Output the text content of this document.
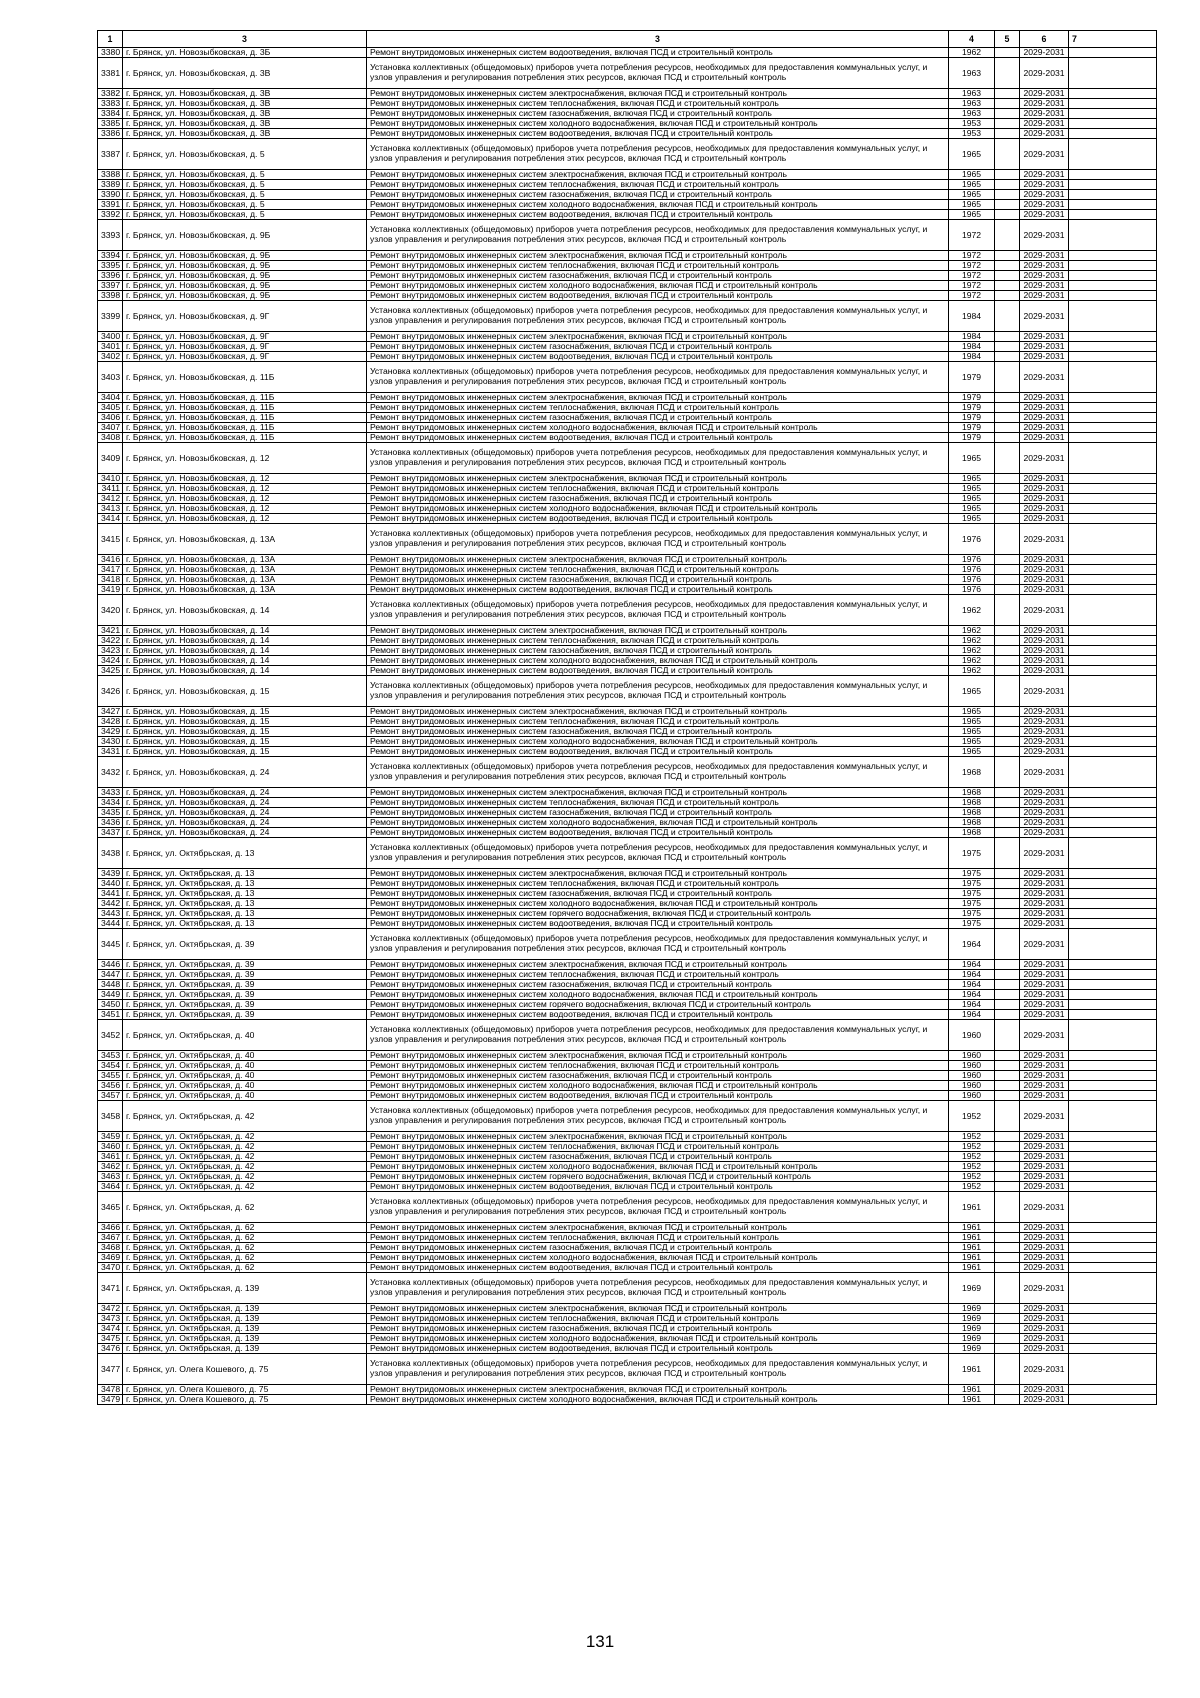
1	3	3	4	5	6	7
3380	г. Брянск, ул. Новозыбковская, д. 3Б	Ремонт внутридомовых инженерных систем водоотведения, включая ПСД и строительный контроль	1962		2029-2031	
3381	г. Брянск, ул. Новозыбковская, д. 3В	Установка коллективных (общедомовых) приборов учета потребления ресурсов, необходимых для предоставления коммунальных услуг, и узлов управления и регулирования потребления этих ресурсов, включая ПСД и строительный контроль	1963		2029-2031	
3382	г. Брянск, ул. Новозыбковская, д. 3В	Ремонт внутридомовых инженерных систем электроснабжения, включая ПСД и строительный контроль	1963		2029-2031	
3383	г. Брянск, ул. Новозыбковская, д. 3В	Ремонт внутридомовых инженерных систем теплоснабжения, включая ПСД и строительный контроль	1963		2029-2031	
3384	г. Брянск, ул. Новозыбковская, д. 3В	Ремонт внутридомовых инженерных систем газоснабжения, включая ПСД и строительный контроль	1963		2029-2031	
3385	г. Брянск, ул. Новозыбковская, д. 3В	Ремонт внутридомовых инженерных систем холодного водоснабжения, включая ПСД и строительный контроль	1953		2029-2031	
3386	г. Брянск, ул. Новозыбковская, д. 3В	Ремонт внутридомовых инженерных систем водоотведения, включая ПСД и строительный контроль	1953		2029-2031	
3387	г. Брянск, ул. Новозыбковская, д. 5	Установка коллективных (общедомовых) приборов учета потребления ресурсов, необходимых для предоставления коммунальных услуг, и узлов управления и регулирования потребления этих ресурсов, включая ПСД и строительный контроль	1965		2029-2031	
3388	г. Брянск, ул. Новозыбковская, д. 5	Ремонт внутридомовых инженерных систем электроснабжения, включая ПСД и строительный контроль	1965		2029-2031	
3389	г. Брянск, ул. Новозыбковская, д. 5	Ремонт внутридомовых инженерных систем теплоснабжения, включая ПСД и строительный контроль	1965		2029-2031	
3390	г. Брянск, ул. Новозыбковская, д. 5	Ремонт внутридомовых инженерных систем газоснабжения, включая ПСД и строительный контроль	1965		2029-2031	
3391	г. Брянск, ул. Новозыбковская, д. 5	Ремонт внутридомовых инженерных систем холодного водоснабжения, включая ПСД и строительный контроль	1965		2029-2031	
3392	г. Брянск, ул. Новозыбковская, д. 5	Ремонт внутридомовых инженерных систем водоотведения, включая ПСД и строительный контроль	1965		2029-2031	
3393	г. Брянск, ул. Новозыбковская, д. 9Б	Установка коллективных (общедомовых) приборов учета потребления ресурсов, необходимых для предоставления коммунальных услуг, и узлов управления и регулирования потребления этих ресурсов, включая ПСД и строительный контроль	1972		2029-2031	
3394	г. Брянск, ул. Новозыбковская, д. 9Б	Ремонт внутридомовых инженерных систем электроснабжения, включая ПСД и строительный контроль	1972		2029-2031	
3395	г. Брянск, ул. Новозыбковская, д. 9Б	Ремонт внутридомовых инженерных систем теплоснабжения, включая ПСД и строительный контроль	1972		2029-2031	
3396	г. Брянск, ул. Новозыбковская, д. 9Б	Ремонт внутридомовых инженерных систем газоснабжения, включая ПСД и строительный контроль	1972		2029-2031	
3397	г. Брянск, ул. Новозыбковская, д. 9Б	Ремонт внутридомовых инженерных систем холодного водоснабжения, включая ПСД и строительный контроль	1972		2029-2031	
3398	г. Брянск, ул. Новозыбковская, д. 9Б	Ремонт внутридомовых инженерных систем водоотведения, включая ПСД и строительный контроль	1972		2029-2031	
3399	г. Брянск, ул. Новозыбковская, д. 9Г	Установка коллективных (общедомовых) приборов учета потребления ресурсов, необходимых для предоставления коммунальных услуг, и узлов управления и регулирования потребления этих ресурсов, включая ПСД и строительный контроль	1984		2029-2031	
3400	г. Брянск, ул. Новозыбковская, д. 9Г	Ремонт внутридомовых инженерных систем электроснабжения, включая ПСД и строительный контроль	1984		2029-2031	
3401	г. Брянск, ул. Новозыбковская, д. 9Г	Ремонт внутридомовых инженерных систем газоснабжения, включая ПСД и строительный контроль	1984		2029-2031	
3402	г. Брянск, ул. Новозыбковская, д. 9Г	Ремонт внутридомовых инженерных систем водоотведения, включая ПСД и строительный контроль	1984		2029-2031	
3403	г. Брянск, ул. Новозыбковская, д. 11Б	Установка коллективных (общедомовых) приборов учета потребления ресурсов, необходимых для предоставления коммунальных услуг, и узлов управления и регулирования потребления этих ресурсов, включая ПСД и строительный контроль	1979		2029-2031	
3404	г. Брянск, ул. Новозыбковская, д. 11Б	Ремонт внутридомовых инженерных систем электроснабжения, включая ПСД и строительный контроль	1979		2029-2031	
3405	г. Брянск, ул. Новозыбковская, д. 11Б	Ремонт внутридомовых инженерных систем теплоснабжения, включая ПСД и строительный контроль	1979		2029-2031	
3406	г. Брянск, ул. Новозыбковская, д. 11Б	Ремонт внутридомовых инженерных систем газоснабжения, включая ПСД и строительный контроль	1979		2029-2031	
3407	г. Брянск, ул. Новозыбковская, д. 11Б	Ремонт внутридомовых инженерных систем холодного водоснабжения, включая ПСД и строительный контроль	1979		2029-2031	
3408	г. Брянск, ул. Новозыбковская, д. 11Б	Ремонт внутридомовых инженерных систем водоотведения, включая ПСД и строительный контроль	1979		2029-2031	
3409	г. Брянск, ул. Новозыбковская, д. 12	Установка коллективных (общедомовых) приборов учета потребления ресурсов, необходимых для предоставления коммунальных услуг, и узлов управления и регулирования потребления этих ресурсов, включая ПСД и строительный контроль	1965		2029-2031	
3410	г. Брянск, ул. Новозыбковская, д. 12	Ремонт внутридомовых инженерных систем электроснабжения, включая ПСД и строительный контроль	1965		2029-2031	
3411	г. Брянск, ул. Новозыбковская, д. 12	Ремонт внутридомовых инженерных систем теплоснабжения, включая ПСД и строительный контроль	1965		2029-2031	
3412	г. Брянск, ул. Новозыбковская, д. 12	Ремонт внутридомовых инженерных систем газоснабжения, включая ПСД и строительный контроль	1965		2029-2031	
3413	г. Брянск, ул. Новозыбковская, д. 12	Ремонт внутридомовых инженерных систем холодного водоснабжения, включая ПСД и строительный контроль	1965		2029-2031	
3414	г. Брянск, ул. Новозыбковская, д. 12	Ремонт внутридомовых инженерных систем водоотведения, включая ПСД и строительный контроль	1965		2029-2031	
3415	г. Брянск, ул. Новозыбковская, д. 13А	Установка коллективных (общедомовых) приборов учета потребления ресурсов, необходимых для предоставления коммунальных услуг, и узлов управления и регулирования потребления этих ресурсов, включая ПСД и строительный контроль	1976		2029-2031	
3416	г. Брянск, ул. Новозыбковская, д. 13А	Ремонт внутридомовых инженерных систем электроснабжения, включая ПСД и строительный контроль	1976		2029-2031	
3417	г. Брянск, ул. Новозыбковская, д. 13А	Ремонт внутридомовых инженерных систем теплоснабжения, включая ПСД и строительный контроль	1976		2029-2031	
3418	г. Брянск, ул. Новозыбковская, д. 13А	Ремонт внутридомовых инженерных систем газоснабжения, включая ПСД и строительный контроль	1976		2029-2031	
3419	г. Брянск, ул. Новозыбковская, д. 13А	Ремонт внутридомовых инженерных систем водоотведения, включая ПСД и строительный контроль	1976		2029-2031	
3420	г. Брянск, ул. Новозыбковская, д. 14	Установка коллективных (общедомовых) приборов учета потребления ресурсов, необходимых для предоставления коммунальных услуг, и узлов управления и регулирования потребления этих ресурсов, включая ПСД и строительный контроль	1962		2029-2031	
3421	г. Брянск, ул. Новозыбковская, д. 14	Ремонт внутридомовых инженерных систем электроснабжения, включая ПСД и строительный контроль	1962		2029-2031	
3422	г. Брянск, ул. Новозыбковская, д. 14	Ремонт внутридомовых инженерных систем теплоснабжения, включая ПСД и строительный контроль	1962		2029-2031	
3423	г. Брянск, ул. Новозыбковская, д. 14	Ремонт внутридомовых инженерных систем газоснабжения, включая ПСД и строительный контроль	1962		2029-2031	
3424	г. Брянск, ул. Новозыбковская, д. 14	Ремонт внутридомовых инженерных систем холодного водоснабжения, включая ПСД и строительный контроль	1962		2029-2031	
3425	г. Брянск, ул. Новозыбковская, д. 14	Ремонт внутридомовых инженерных систем водоотведения, включая ПСД и строительный контроль	1962		2029-2031	
3426	г. Брянск, ул. Новозыбковская, д. 15	Установка коллективных (общедомовых) приборов учета потребления ресурсов, необходимых для предоставления коммунальных услуг, и узлов управления и регулирования потребления этих ресурсов, включая ПСД и строительный контроль	1965		2029-2031	
3427	г. Брянск, ул. Новозыбковская, д. 15	Ремонт внутридомовых инженерных систем электроснабжения, включая ПСД и строительный контроль	1965		2029-2031	
3428	г. Брянск, ул. Новозыбковская, д. 15	Ремонт внутридомовых инженерных систем теплоснабжения, включая ПСД и строительный контроль	1965		2029-2031	
3429	г. Брянск, ул. Новозыбковская, д. 15	Ремонт внутридомовых инженерных систем газоснабжения, включая ПСД и строительный контроль	1965		2029-2031	
3430	г. Брянск, ул. Новозыбковская, д. 15	Ремонт внутридомовых инженерных систем холодного водоснабжения, включая ПСД и строительный контроль	1965		2029-2031	
3431	г. Брянск, ул. Новозыбковская, д. 15	Ремонт внутридомовых инженерных систем водоотведения, включая ПСД и строительный контроль	1965		2029-2031	
3432	г. Брянск, ул. Новозыбковская, д. 24	Установка коллективных (общедомовых) приборов учета потребления ресурсов, необходимых для предоставления коммунальных услуг, и узлов управления и регулирования потребления этих ресурсов, включая ПСД и строительный контроль	1968		2029-2031	
3433	г. Брянск, ул. Новозыбковская, д. 24	Ремонт внутридомовых инженерных систем электроснабжения, включая ПСД и строительный контроль	1968		2029-2031	
3434	г. Брянск, ул. Новозыбковская, д. 24	Ремонт внутридомовых инженерных систем теплоснабжения, включая ПСД и строительный контроль	1968		2029-2031	
3435	г. Брянск, ул. Новозыбковская, д. 24	Ремонт внутридомовых инженерных систем газоснабжения, включая ПСД и строительный контроль	1968		2029-2031	
3436	г. Брянск, ул. Новозыбковская, д. 24	Ремонт внутридомовых инженерных систем холодного водоснабжения, включая ПСД и строительный контроль	1968		2029-2031	
3437	г. Брянск, ул. Новозыбковская, д. 24	Ремонт внутридомовых инженерных систем водоотведения, включая ПСД и строительный контроль	1968		2029-2031	
3438	г. Брянск, ул. Октябрьская, д. 13	Установка коллективных (общедомовых) приборов учета потребления ресурсов, необходимых для предоставления коммунальных услуг, и узлов управления и регулирования потребления этих ресурсов, включая ПСД и строительный контроль	1975		2029-2031	
3439	г. Брянск, ул. Октябрьская, д. 13	Ремонт внутридомовых инженерных систем электроснабжения, включая ПСД и строительный контроль	1975		2029-2031	
3440	г. Брянск, ул. Октябрьская, д. 13	Ремонт внутридомовых инженерных систем теплоснабжения, включая ПСД и строительный контроль	1975		2029-2031	
3441	г. Брянск, ул. Октябрьская, д. 13	Ремонт внутридомовых инженерных систем газоснабжения, включая ПСД и строительный контроль	1975		2029-2031	
3442	г. Брянск, ул. Октябрьская, д. 13	Ремонт внутридомовых инженерных систем холодного водоснабжения, включая ПСД и строительный контроль	1975		2029-2031	
3443	г. Брянск, ул. Октябрьская, д. 13	Ремонт внутридомовых инженерных систем горячего водоснабжения, включая ПСД и строительный контроль	1975		2029-2031	
3444	г. Брянск, ул. Октябрьская, д. 13	Ремонт внутридомовых инженерных систем водоотведения, включая ПСД и строительный контроль	1975		2029-2031	
3445	г. Брянск, ул. Октябрьская, д. 39	Установка коллективных (общедомовых) приборов учета потребления ресурсов, необходимых для предоставления коммунальных услуг, и узлов управления и регулирования потребления этих ресурсов, включая ПСД и строительный контроль	1964		2029-2031	
3446	г. Брянск, ул. Октябрьская, д. 39	Ремонт внутридомовых инженерных систем электроснабжения, включая ПСД и строительный контроль	1964		2029-2031	
3447	г. Брянск, ул. Октябрьская, д. 39	Ремонт внутридомовых инженерных систем теплоснабжения, включая ПСД и строительный контроль	1964		2029-2031	
3448	г. Брянск, ул. Октябрьская, д. 39	Ремонт внутридомовых инженерных систем газоснабжения, включая ПСД и строительный контроль	1964		2029-2031	
3449	г. Брянск, ул. Октябрьская, д. 39	Ремонт внутридомовых инженерных систем холодного водоснабжения, включая ПСД и строительный контроль	1964		2029-2031	
3450	г. Брянск, ул. Октябрьская, д. 39	Ремонт внутридомовых инженерных систем горячего водоснабжения, включая ПСД и строительный контроль	1964		2029-2031	
3451	г. Брянск, ул. Октябрьская, д. 39	Ремонт внутридомовых инженерных систем водоотведения, включая ПСД и строительный контроль	1964		2029-2031	
3452	г. Брянск, ул. Октябрьская, д. 40	Установка коллективных (общедомовых) приборов учета потребления ресурсов, необходимых для предоставления коммунальных услуг, и узлов управления и регулирования потребления этих ресурсов, включая ПСД и строительный контроль	1960		2029-2031	
3453	г. Брянск, ул. Октябрьская, д. 40	Ремонт внутридомовых инженерных систем электроснабжения, включая ПСД и строительный контроль	1960		2029-2031	
3454	г. Брянск, ул. Октябрьская, д. 40	Ремонт внутридомовых инженерных систем теплоснабжения, включая ПСД и строительный контроль	1960		2029-2031	
3455	г. Брянск, ул. Октябрьская, д. 40	Ремонт внутридомовых инженерных систем газоснабжения, включая ПСД и строительный контроль	1960		2029-2031	
3456	г. Брянск, ул. Октябрьская, д. 40	Ремонт внутридомовых инженерных систем холодного водоснабжения, включая ПСД и строительный контроль	1960		2029-2031	
3457	г. Брянск, ул. Октябрьская, д. 40	Ремонт внутридомовых инженерных систем водоотведения, включая ПСД и строительный контроль	1960		2029-2031	
3458	г. Брянск, ул. Октябрьская, д. 42	Установка коллективных (общедомовых) приборов учета потребления ресурсов, необходимых для предоставления коммунальных услуг, и узлов управления и регулирования потребления этих ресурсов, включая ПСД и строительный контроль	1952		2029-2031	
3459	г. Брянск, ул. Октябрьская, д. 42	Ремонт внутридомовых инженерных систем электроснабжения, включая ПСД и строительный контроль	1952		2029-2031	
3460	г. Брянск, ул. Октябрьская, д. 42	Ремонт внутридомовых инженерных систем теплоснабжения, включая ПСД и строительный контроль	1952		2029-2031	
3461	г. Брянск, ул. Октябрьская, д. 42	Ремонт внутридомовых инженерных систем газоснабжения, включая ПСД и строительный контроль	1952		2029-2031	
3462	г. Брянск, ул. Октябрьская, д. 42	Ремонт внутридомовых инженерных систем холодного водоснабжения, включая ПСД и строительный контроль	1952		2029-2031	
3463	г. Брянск, ул. Октябрьская, д. 42	Ремонт внутридомовых инженерных систем горячего водоснабжения, включая ПСД и строительный контроль	1952		2029-2031	
3464	г. Брянск, ул. Октябрьская, д. 42	Ремонт внутридомовых инженерных систем водоотведения, включая ПСД и строительный контроль	1952		2029-2031	
3465	г. Брянск, ул. Октябрьская, д. 62	Установка коллективных (общедомовых) приборов учета потребления ресурсов, необходимых для предоставления коммунальных услуг, и узлов управления и регулирования потребления этих ресурсов, включая ПСД и строительный контроль	1961		2029-2031	
3466	г. Брянск, ул. Октябрьская, д. 62	Ремонт внутридомовых инженерных систем электроснабжения, включая ПСД и строительный контроль	1961		2029-2031	
3467	г. Брянск, ул. Октябрьская, д. 62	Ремонт внутридомовых инженерных систем теплоснабжения, включая ПСД и строительный контроль	1961		2029-2031	
3468	г. Брянск, ул. Октябрьская, д. 62	Ремонт внутридомовых инженерных систем газоснабжения, включая ПСД и строительный контроль	1961		2029-2031	
3469	г. Брянск, ул. Октябрьская, д. 62	Ремонт внутридомовых инженерных систем холодного водоснабжения, включая ПСД и строительный контроль	1961		2029-2031	
3470	г. Брянск, ул. Октябрьская, д. 62	Ремонт внутридомовых инженерных систем водоотведения, включая ПСД и строительный контроль	1961		2029-2031	
3471	г. Брянск, ул. Октябрьская, д. 139	Установка коллективных (общедомовых) приборов учета потребления ресурсов, необходимых для предоставления коммунальных услуг, и узлов управления и регулирования потребления этих ресурсов, включая ПСД и строительный контроль	1969		2029-2031	
3472	г. Брянск, ул. Октябрьская, д. 139	Ремонт внутридомовых инженерных систем электроснабжения, включая ПСД и строительный контроль	1969		2029-2031	
3473	г. Брянск, ул. Октябрьская, д. 139	Ремонт внутридомовых инженерных систем теплоснабжения, включая ПСД и строительный контроль	1969		2029-2031	
3474	г. Брянск, ул. Октябрьская, д. 139	Ремонт внутридомовых инженерных систем газоснабжения, включая ПСД и строительный контроль	1969		2029-2031	
3475	г. Брянск, ул. Октябрьская, д. 139	Ремонт внутридомовых инженерных систем холодного водоснабжения, включая ПСД и строительный контроль	1969		2029-2031	
3476	г. Брянск, ул. Октябрьская, д. 139	Ремонт внутридомовых инженерных систем водоотведения, включая ПСД и строительный контроль	1969		2029-2031	
3477	г. Брянск, ул. Олега Кошевого, д. 75	Установка коллективных (общедомовых) приборов учета потребления ресурсов, необходимых для предоставления коммунальных услуг, и узлов управления и регулирования потребления этих ресурсов, включая ПСД и строительный контроль	1961		2029-2031	
3478	г. Брянск, ул. Олега Кошевого, д. 75	Ремонт внутридомовых инженерных систем электроснабжения, включая ПСД и строительный контроль	1961		2029-2031	
3479	г. Брянск, ул. Олега Кошевого, д. 75	Ремонт внутридомовых инженерных систем холодного водоснабжения, включая ПСД и строительный контроль	1961		2029-2031	
131
